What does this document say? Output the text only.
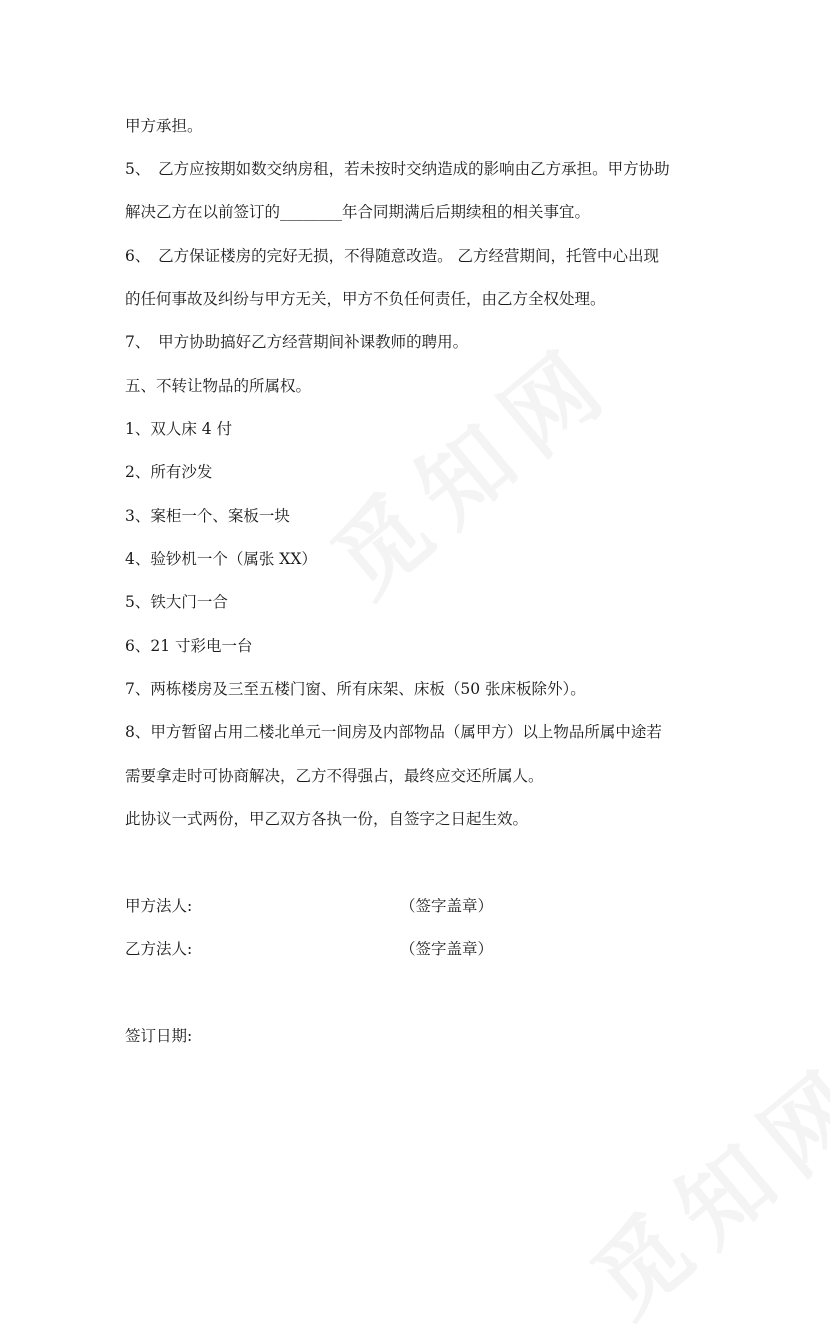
甲方承担。
5、　乙方应按期如数交纳房租，若未按时交纳造成的影响由乙方承担。甲方协助
解决乙方在以前签订的________年合同期满后后期续租的相关事宜。
6、　乙方保证楼房的完好无损，不得随意改造。 乙方经营期间，托管中心出现
的任何事故及纠纷与甲方无关，甲方不负任何责任，由乙方全权处理。
7、　甲方协助搞好乙方经营期间补课教师的聘用。
五、不转让物品的所属权。
1、双人床 4 付
2、所有沙发
3、案柜一个、案板一块
4、验钞机一个（属张 XX）
5、铁大门一合
6、21 寸彩电一台
7、两栋楼房及三至五楼门窗、所有床架、床板（50 张床板除外）。
8、甲方暂留占用二楼北单元一间房及内部物品（属甲方）以上物品所属中途若
需要拿走时可协商解决，乙方不得强占，最终应交还所属人。
此协议一式两份，甲乙双方各执一份，自签字之日起生效。
甲方法人:	（签字盖章）
乙方法人:	（签字盖章）
签订日期:
